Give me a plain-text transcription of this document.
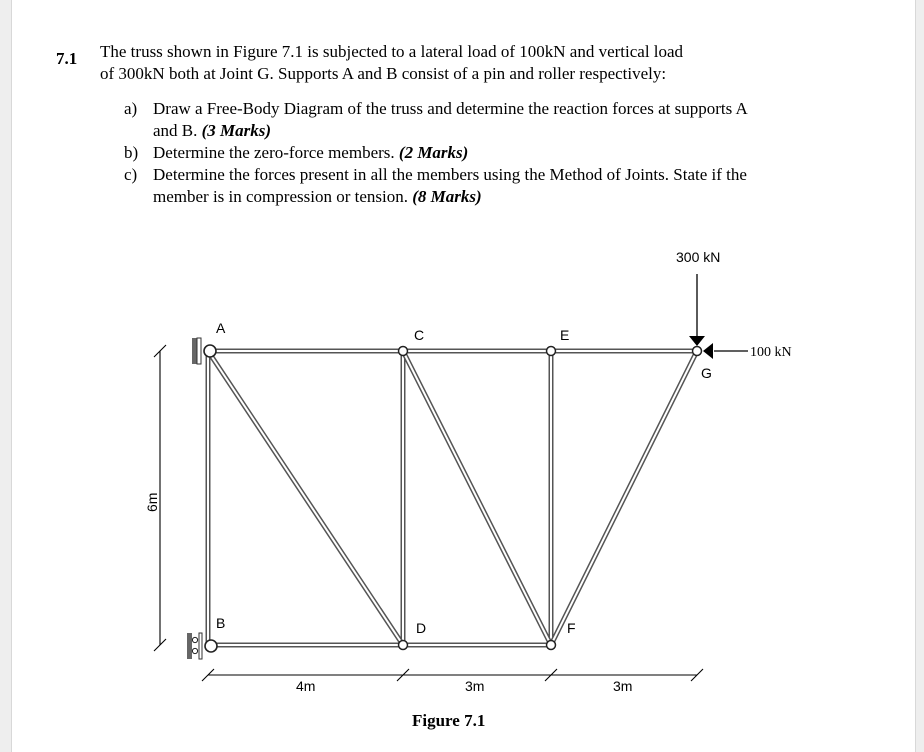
7.1 The truss shown in Figure 7.1 is subjected to a lateral load of 100kN and vertical load
of 300kN both at Joint G. Supports A and B consist of a pin and roller respectively:
a) Draw a Free-Body Diagram of the truss and determine the reaction forces at supports A
and B. (3 Marks)
b) Determine the zero-force members. (2 Marks)
c) Determine the forces present in all the members using the Method of Joints. State if the
member is in compression or tension. (8 Marks)
300 kN
100 kN
A
B
C
D
E
F
G
6m
4m	3m	3m
Figure 7.1
